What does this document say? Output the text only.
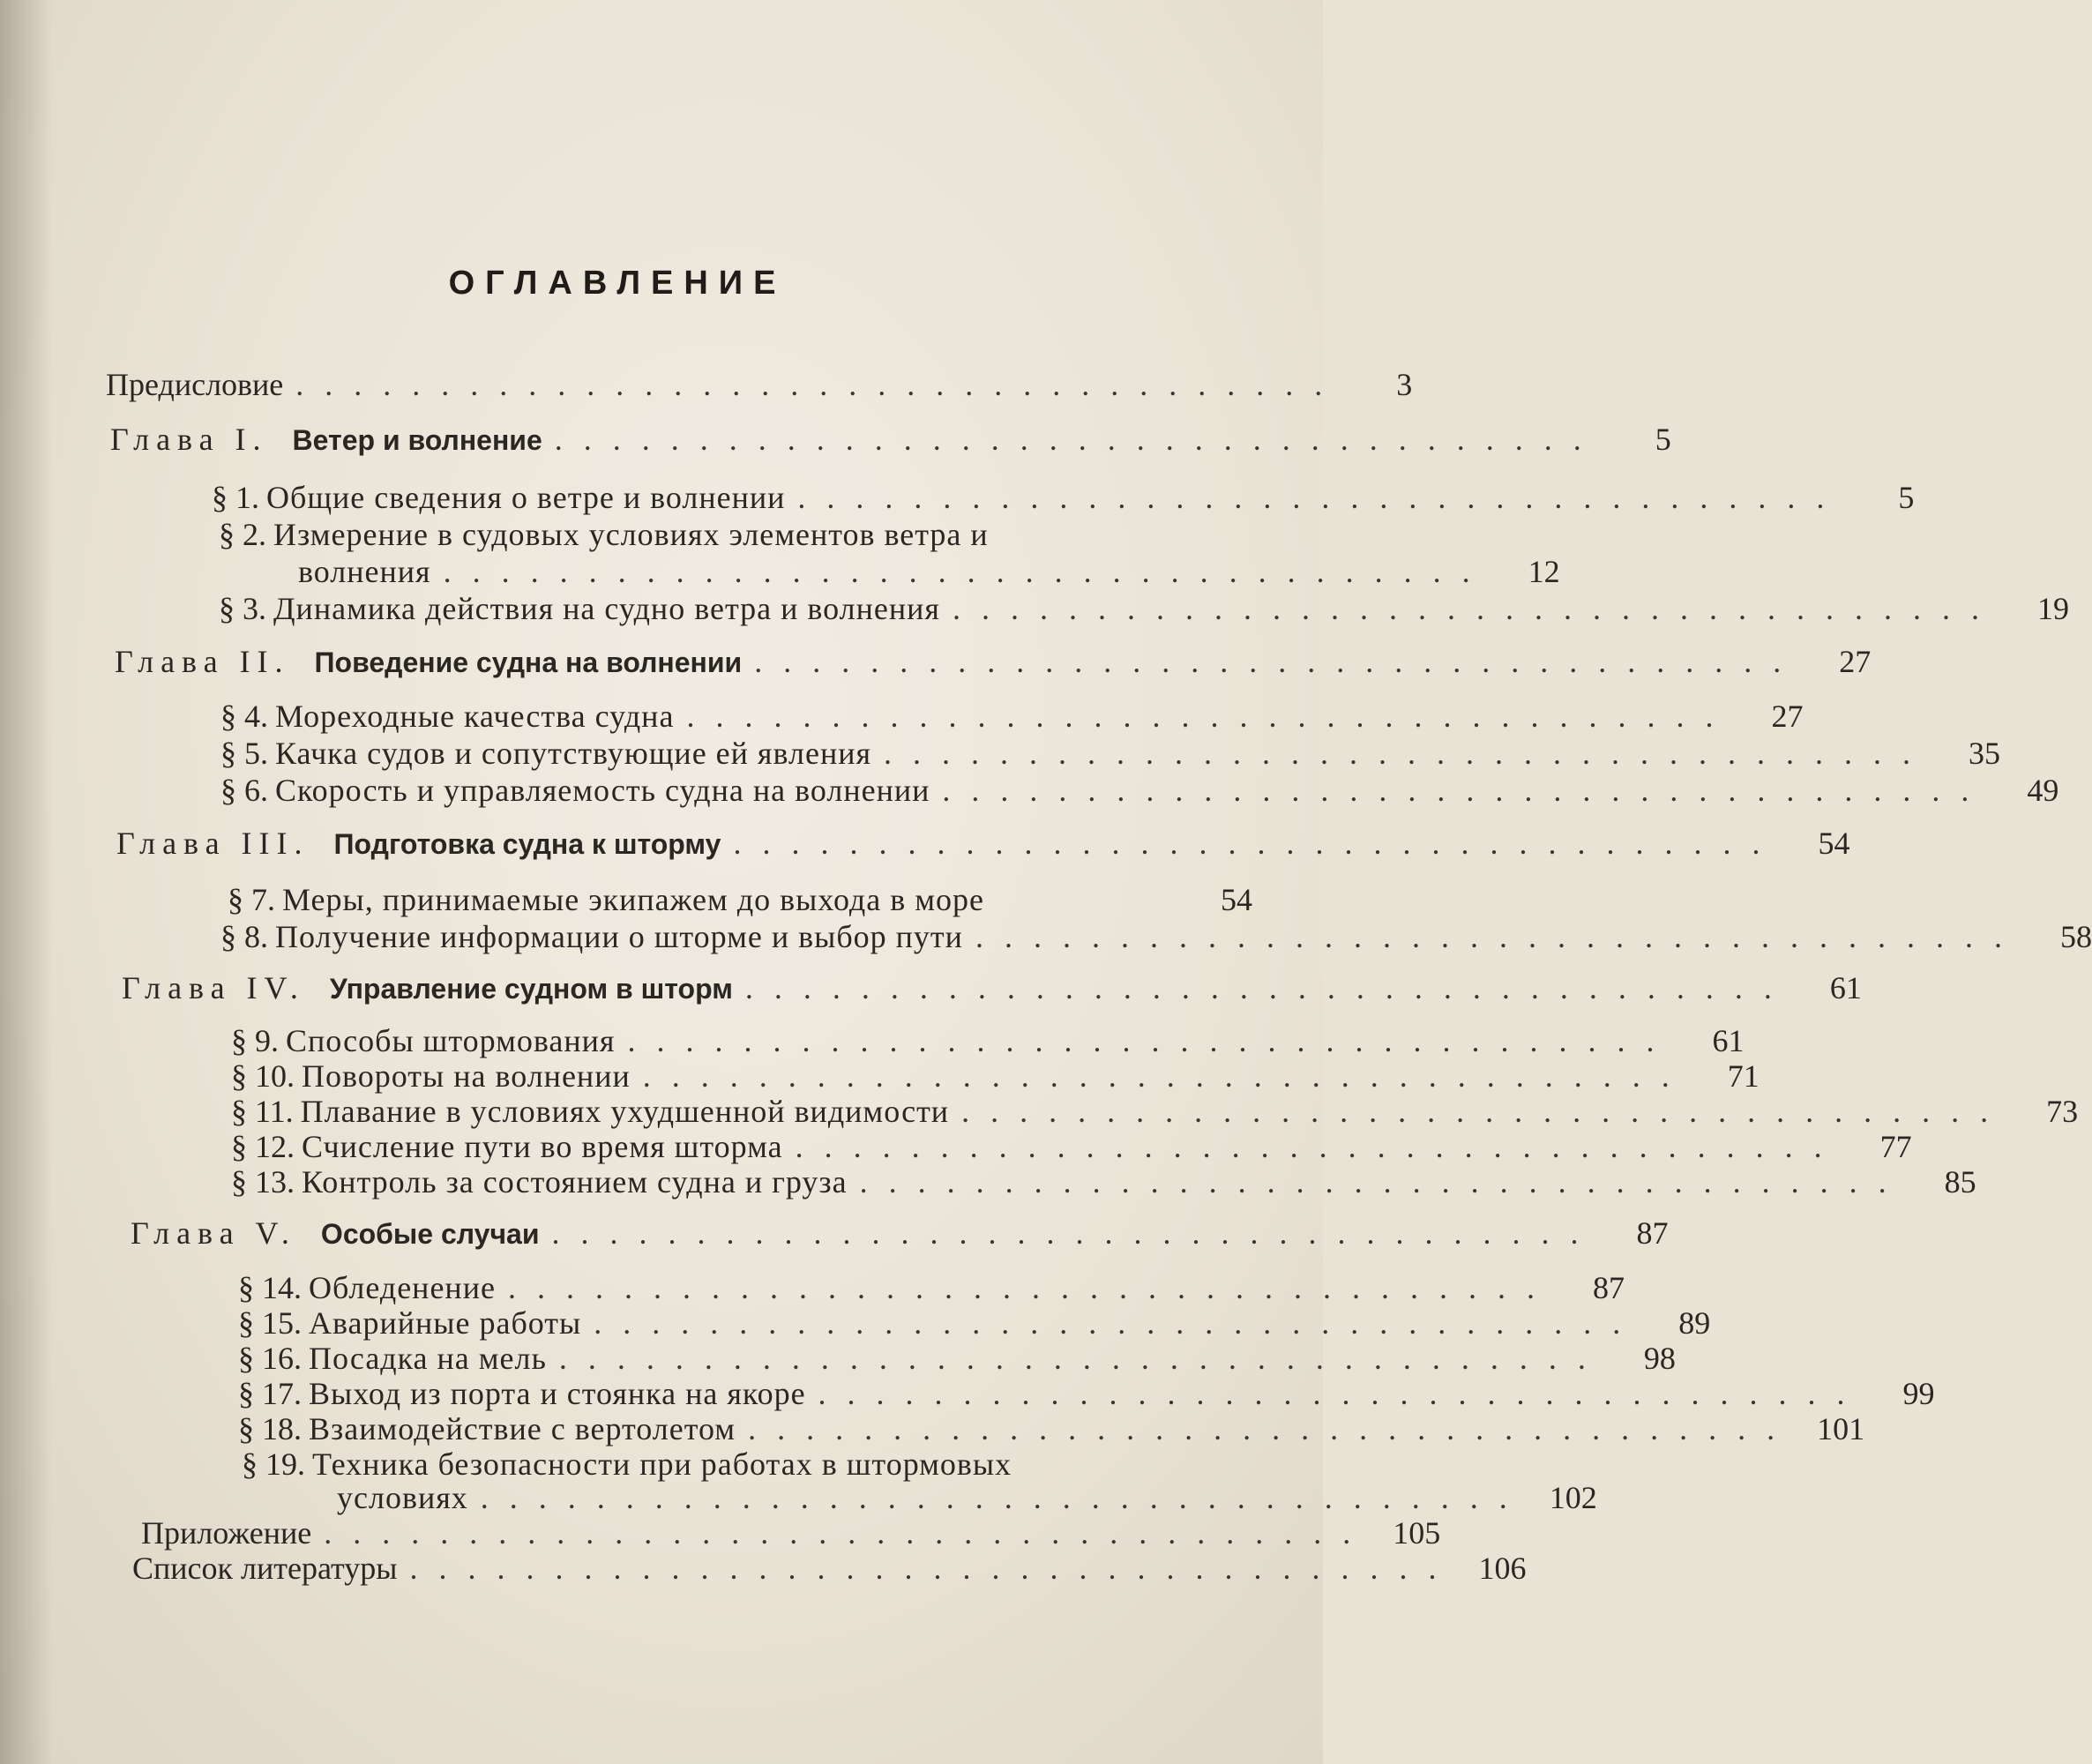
ОГЛАВЛЕНИЕ
Предисловие ....................................	3
Глава I. Ветер и волнение ....................................	5
§ 1. Общие сведения о ветре и волнении ....................................	5
§ 2. Измерение в судовых условиях элементов ветра и
волнения ....................................	12
§ 3. Динамика действия на судно ветра и волнения ....................................	19
Глава II. Поведение судна на волнении ....................................	27
§ 4. Мореходные качества судна ....................................	27
§ 5. Качка судов и сопутствующие ей явления ....................................	35
§ 6. Скорость и управляемость судна на волнении ....................................	49
Глава III. Подготовка судна к шторму ....................................	54
§ 7. Меры, принимаемые экипажем до выхода в море	54
§ 8. Получение информации о шторме и выбор пути ....................................	58
Глава IV. Управление судном в шторм ....................................	61
§ 9. Способы штормования ....................................	61
§ 10. Повороты на волнении ....................................	71
§ 11. Плавание в условиях ухудшенной видимости ....................................	73
§ 12. Счисление пути во время шторма ....................................	77
§ 13. Контроль за состоянием судна и груза ....................................	85
Глава V. Особые случаи ....................................	87
§ 14. Обледенение ....................................	87
§ 15. Аварийные работы ....................................	89
§ 16. Посадка на мель ....................................	98
§ 17. Выход из порта и стоянка на якоре ....................................	99
§ 18. Взаимодействие с вертолетом .................................... 101
§ 19. Техника безопасности при работах в штормовых
условиях .................................... 102
Приложение .................................... 105
Список литературы .................................... 106
